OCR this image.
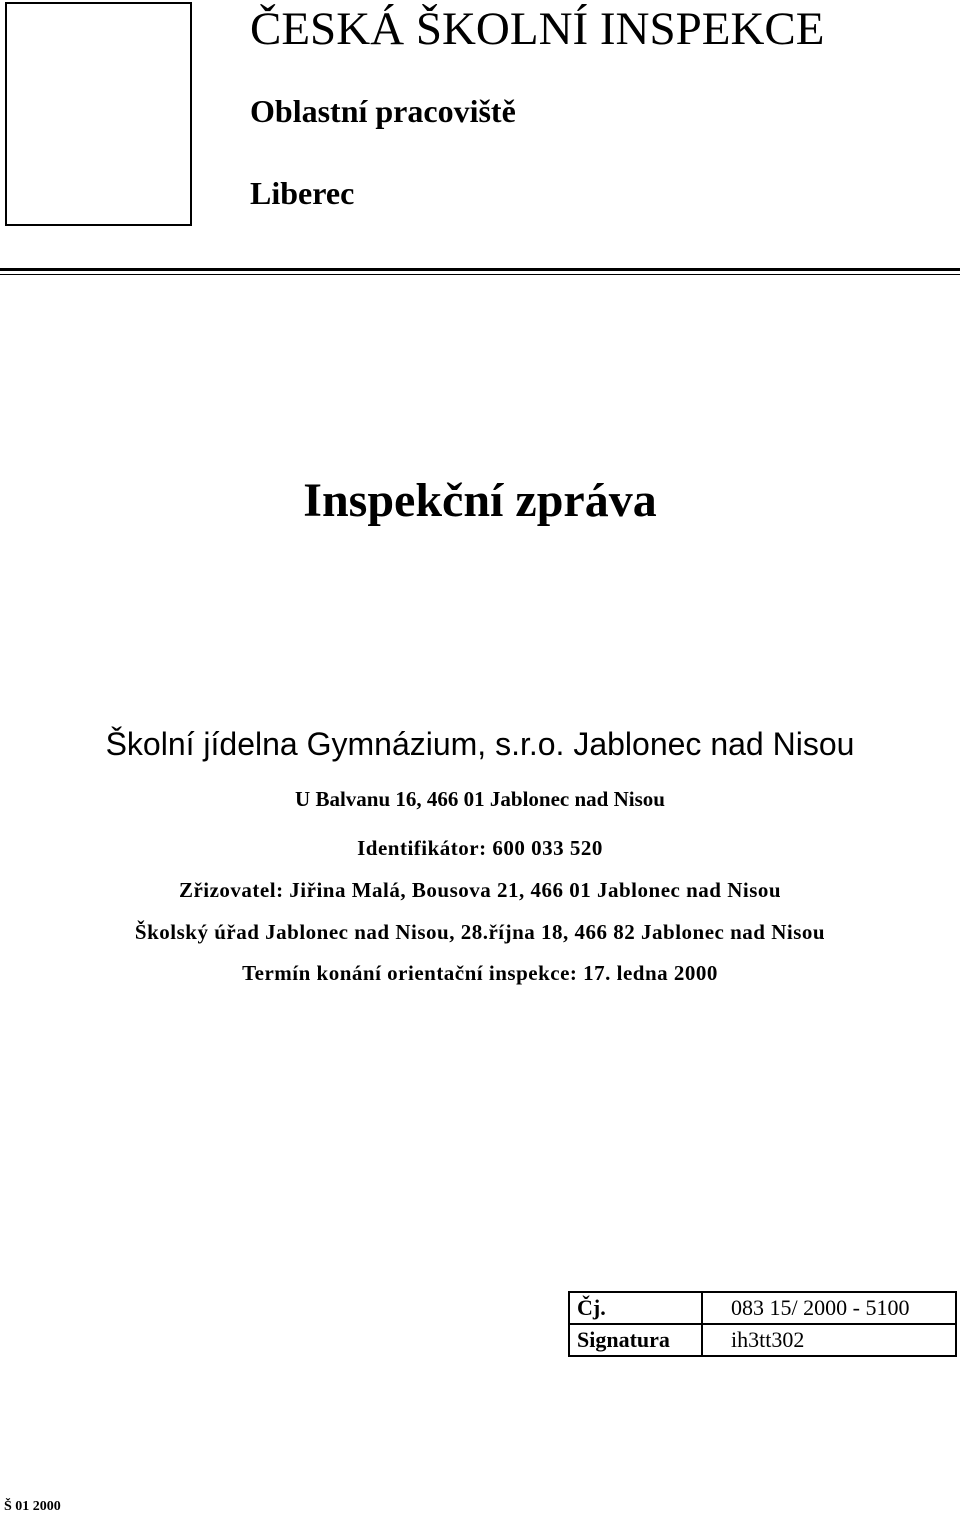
ČESKÁ ŠKOLNÍ INSPEKCE

Oblastní pracoviště

Liberec

Inspekční zpráva
Školní jídelna Gymnázium, s.r.o. Jablonec nad Nisou

U Balvanu 16, 466 01 Jablonec nad Nisou

Identifikátor: 600 033 520

Zřizovatel: Jiřina Malá, Bousova 21, 466 01 Jablonec nad Nisou

Školský úřad Jablonec nad Nisou, 28.října 18, 466 82 Jablonec nad Nisou

Termín konání orientační inspekce: 17. ledna 2000

Čj.	083 15/ 2000 - 5100
Signatura	ih3tt302

Š 01 2000
